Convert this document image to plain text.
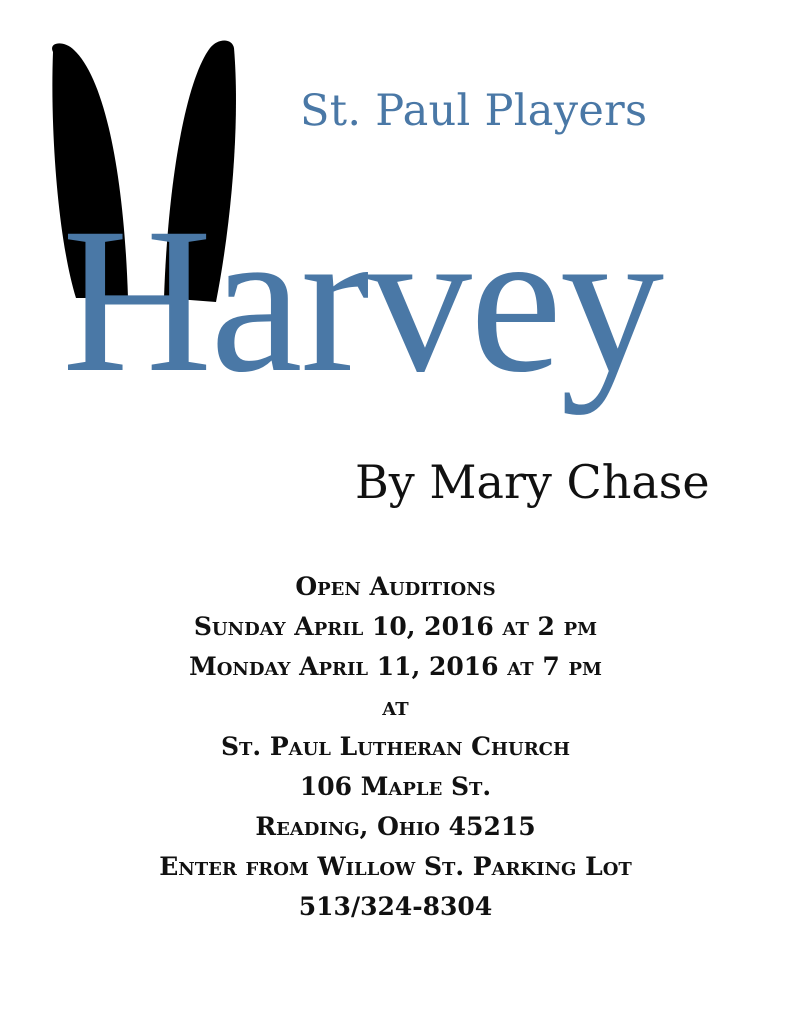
St. Paul Players
Harvey
By Mary Chase
Open Auditions
Sunday April 10, 2016 at 2 pm
Monday April 11, 2016 at 7 pm
at
St. Paul Lutheran Church
106 Maple St.
Reading, Ohio 45215
Enter from Willow St. Parking Lot
513/324-8304
